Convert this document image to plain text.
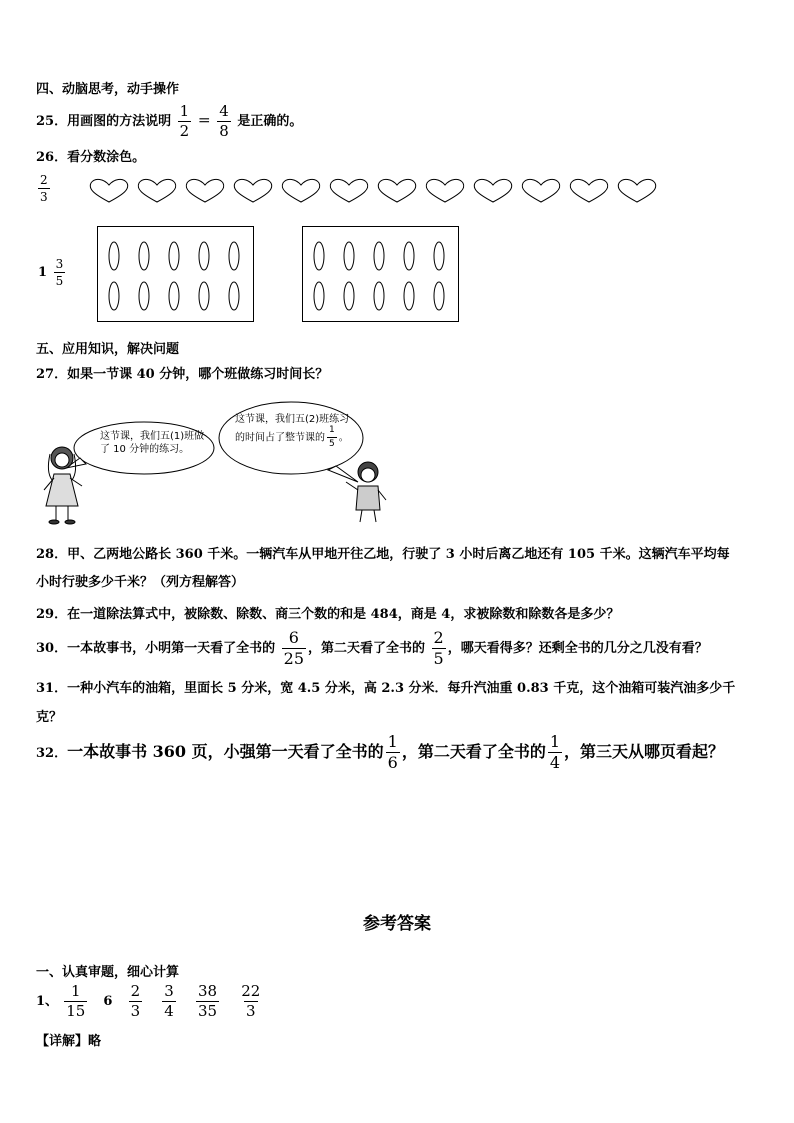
四、动脑思考，动手操作
25．用画图的方法说明 $\frac{1}{2} = \frac{4}{8}$ 是正确的。
26．看分数涂色。
$\frac{2}{3}$
$1 \frac{3}{5}$
五、应用知识，解决问题
27．如果一节课 40 分钟，哪个班做练习时间长？
这节课，我们五(1)班做了 10 分钟的练习。
这节课，我们五(2)班练习的时间占了整节课的 $\frac{1}{5}$ 。
28．甲、乙两地公路长 360 千米。一辆汽车从甲地开往乙地，行驶了 3 小时后离乙地还有 105 千米。这辆汽车平均每
小时行驶多少千米？（列方程解答）
29．在一道除法算式中，被除数、除数、商三个数的和是 484，商是 4，求被除数和除数各是多少？
30．一本故事书，小明第一天看了全书的 $\frac{6}{25}$ ，第二天看了全书的 $\frac{2}{5}$ ，哪天看得多？还剩全书的几分之几没有看？
31．一种小汽车的油箱，里面长 5 分米，宽 4.5 分米，高 2.3 分米．每升汽油重 0.83 千克，这个油箱可装汽油多少千
克？
32．一本故事书 360 页，小强第一天看了全书的 $\frac{1}{6}$ ，第二天看了全书的 $\frac{1}{4}$ ，第三天从哪页看起？
参考答案
一、认真审题，细心计算
1、 $\frac{1}{15} 6 \frac{2}{3}$
$\frac{3}{4}$
$\frac{38}{35}$
$\frac{22}{3}$
【详解】略
